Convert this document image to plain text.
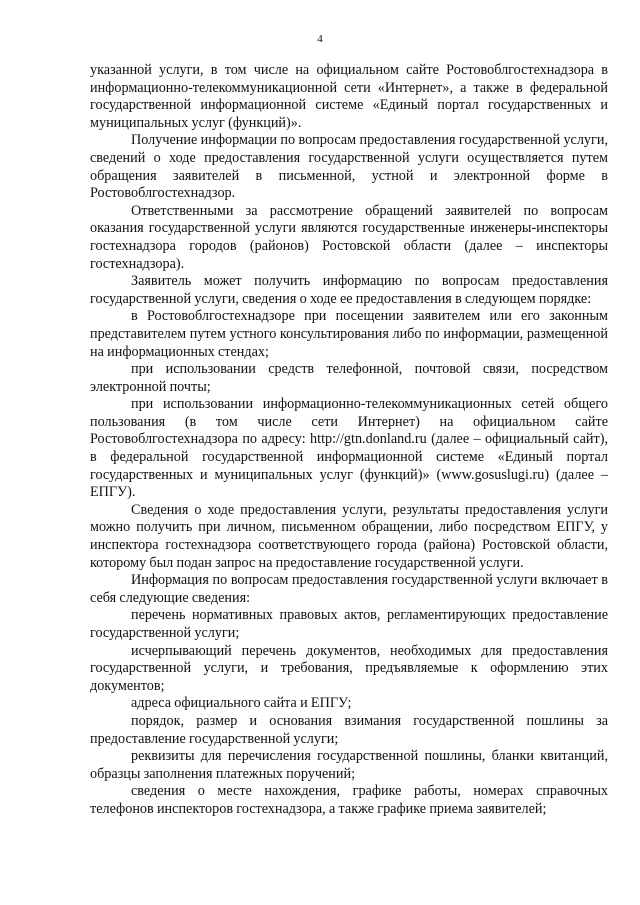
4

указанной услуги, в том числе на официальном сайте Ростовоблгостехнадзора в информационно-телекоммуникационной сети «Интернет», а также в федеральной государственной информационной системе «Единый портал государственных и муниципальных услуг (функций)».

Получение информации по вопросам предоставления государственной услуги, сведений о ходе предоставления государственной услуги осуществляется путем обращения заявителей в письменной, устной и электронной форме в Ростовоблгостехнадзор.

Ответственными за рассмотрение обращений заявителей по вопросам оказания государственной услуги являются государственные инженеры-инспекторы гостехнадзора городов (районов) Ростовской области (далее – инспекторы гостехнадзора).

Заявитель может получить информацию по вопросам предоставления государственной услуги, сведения о ходе ее предоставления в следующем порядке:

в Ростовоблгостехнадзоре при посещении заявителем или его законным представителем путем устного консультирования либо по информации, размещенной на информационных стендах;

при использовании средств телефонной, почтовой связи, посредством электронной почты;

при использовании информационно-телекоммуникационных сетей общего пользования (в том числе сети Интернет) на официальном сайте Ростовоблгостехнадзора по адресу: http://gtn.donland.ru (далее – официальный сайт), в федеральной государственной информационной системе «Единый портал государственных и муниципальных услуг (функций)» (www.gosuslugi.ru) (далее – ЕПГУ).

Сведения о ходе предоставления услуги, результаты предоставления услуги можно получить при личном, письменном обращении, либо посредством ЕПГУ, у инспектора гостехнадзора соответствующего города (района) Ростовской области, которому был подан запрос на предоставление государственной услуги.

Информация по вопросам предоставления государственной услуги включает в себя следующие сведения:

перечень нормативных правовых актов, регламентирующих предоставление государственной услуги;

исчерпывающий перечень документов, необходимых для предоставления государственной услуги, и требования, предъявляемые к оформлению этих документов;

адреса официального сайта и ЕПГУ;

порядок, размер и основания взимания государственной пошлины за предоставление государственной услуги;

реквизиты для перечисления государственной пошлины, бланки квитанций, образцы заполнения платежных поручений;

сведения о месте нахождения, графике работы, номерах справочных телефонов инспекторов гостехнадзора, а также графике приема заявителей;
